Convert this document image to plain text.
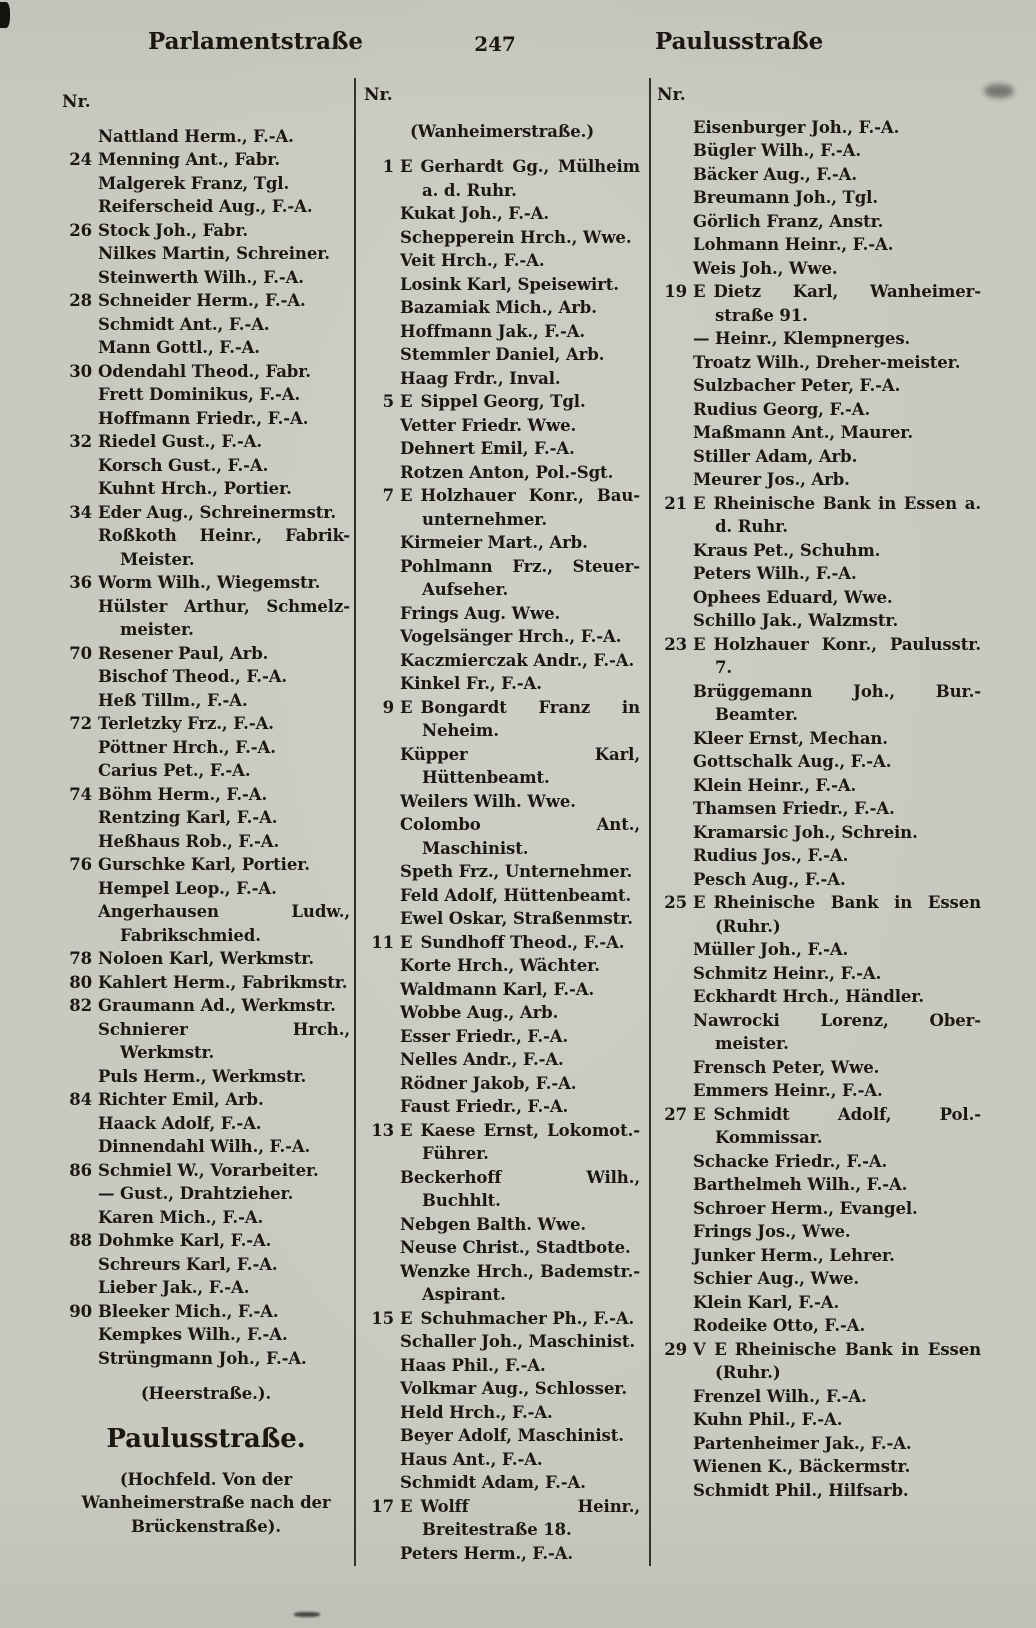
Parlamentstraße	247	Paulusstraße
Nr.
Nattland Herm., F.-A.
24 Menning Ant., Fabr.
Malgerek Franz, Tgl.
Reiferscheid Aug., F.-A.
26 Stock Joh., Fabr.
Nilkes Martin, Schreiner.
Steinwerth Wilh., F.-A.
28 Schneider Herm., F.-A.
Schmidt Ant., F.-A.
Mann Gottl., F.-A.
30 Odendahl Theod., Fabr.
Frett Dominikus, F.-A.
Hoffmann Friedr., F.-A.
32 Riedel Gust., F.-A.
Korsch Gust., F.-A.
Kuhnt Hrch., Portier.
34 Eder Aug., Schreinermstr.
Roßkoth Heinr., Fabrik-Meister.
36 Worm Wilh., Wiegemstr.
Hülster Arthur, Schmelz-meister.
70 Resener Paul, Arb.
Bischof Theod., F.-A.
Heß Tillm., F.-A.
72 Terletzky Frz., F.-A.
Pöttner Hrch., F.-A.
Carius Pet., F.-A.
74 Böhm Herm., F.-A.
Rentzing Karl, F.-A.
Heßhaus Rob., F.-A.
76 Gurschke Karl, Portier.
Hempel Leop., F.-A.
Angerhausen Ludw., Fabrikschmied.
78 Noloen Karl, Werkmstr.
80 Kahlert Herm., Fabrikmstr.
82 Graumann Ad., Werkmstr.
Schnierer Hrch., Werkmstr.
Puls Herm., Werkmstr.
84 Richter Emil, Arb.
Haack Adolf, F.-A.
Dinnendahl Wilh., F.-A.
86 Schmiel W., Vorarbeiter.
— Gust., Drahtzieher.
Karen Mich., F.-A.
88 Dohmke Karl, F.-A.
Schreurs Karl, F.-A.
Lieber Jak., F.-A.
90 Bleeker Mich., F.-A.
Kempkes Wilh., F.-A.
Strüngmann Joh., F.-A.
(Heerstraße.).
Paulusstraße.
(Hochfeld. Von der Wanheimerstraße nach der Brückenstraße).
Nr.
(Wanheimerstraße.)
1 E Gerhardt Gg., Mülheim a. d. Ruhr.
Kukat Joh., F.-A.
Schepperein Hrch., Wwe.
Veit Hrch., F.-A.
Losink Karl, Speisewirt.
Bazamiak Mich., Arb.
Hoffmann Jak., F.-A.
Stemmler Daniel, Arb.
Haag Frdr., Inval.
5 E Sippel Georg, Tgl.
Vetter Friedr. Wwe.
Dehnert Emil, F.-A.
Rotzen Anton, Pol.-Sgt.
7 E Holzhauer Konr., Bau-unternehmer.
Kirmeier Mart., Arb.
Pohlmann Frz., Steuer-Aufseher.
Frings Aug. Wwe.
Vogelsänger Hrch., F.-A.
Kaczmierczak Andr., F.-A.
Kinkel Fr., F.-A.
9 E Bongardt Franz in Neheim.
Küpper Karl, Hüttenbeamt.
Weilers Wilh. Wwe.
Colombo Ant., Maschinist.
Speth Frz., Unternehmer.
Feld Adolf, Hüttenbeamt.
Ewel Oskar, Straßenmstr.
11 E Sundhoff Theod., F.-A.
Korte Hrch., Wächter.
Waldmann Karl, F.-A.
Wobbe Aug., Arb.
Esser Friedr., F.-A.
Nelles Andr., F.-A.
Rödner Jakob, F.-A.
Faust Friedr., F.-A.
13 E Kaese Ernst, Lokomot.-Führer.
Beckerhoff Wilh., Buchhlt.
Nebgen Balth. Wwe.
Neuse Christ., Stadtbote.
Wenzke Hrch., Bademstr.-Aspirant.
15 E Schuhmacher Ph., F.-A.
Schaller Joh., Maschinist.
Haas Phil., F.-A.
Volkmar Aug., Schlosser.
Held Hrch., F.-A.
Beyer Adolf, Maschinist.
Haus Ant., F.-A.
Schmidt Adam, F.-A.
17 E Wolff Heinr., Breitestraße 18.
Peters Herm., F.-A.
Nr.
Eisenburger Joh., F.-A.
Bügler Wilh., F.-A.
Bäcker Aug., F.-A.
Breumann Joh., Tgl.
Görlich Franz, Anstr.
Lohmann Heinr., F.-A.
Weis Joh., Wwe.
19 E Dietz Karl, Wanheimer-straße 91.
— Heinr., Klempnerges.
Troatz Wilh., Dreher-meister.
Sulzbacher Peter, F.-A.
Rudius Georg, F.-A.
Maßmann Ant., Maurer.
Stiller Adam, Arb.
Meurer Jos., Arb.
21 E Rheinische Bank in Essen a. d. Ruhr.
Kraus Pet., Schuhm.
Peters Wilh., F.-A.
Ophees Eduard, Wwe.
Schillo Jak., Walzmstr.
23 E Holzhauer Konr., Paulusstr. 7.
Brüggemann Joh., Bur.-Beamter.
Kleer Ernst, Mechan.
Gottschalk Aug., F.-A.
Klein Heinr., F.-A.
Thamsen Friedr., F.-A.
Kramarsic Joh., Schrein.
Rudius Jos., F.-A.
Pesch Aug., F.-A.
25 E Rheinische Bank in Essen (Ruhr.)
Müller Joh., F.-A.
Schmitz Heinr., F.-A.
Eckhardt Hrch., Händler.
Nawrocki Lorenz, Ober-meister.
Frensch Peter, Wwe.
Emmers Heinr., F.-A.
27 E Schmidt Adolf, Pol.-Kommissar.
Schacke Friedr., F.-A.
Barthelmeh Wilh., F.-A.
Schroer Herm., Evangel.
Frings Jos., Wwe.
Junker Herm., Lehrer.
Schier Aug., Wwe.
Klein Karl, F.-A.
Rodeike Otto, F.-A.
29 V E Rheinische Bank in Essen (Ruhr.)
Frenzel Wilh., F.-A.
Kuhn Phil., F.-A.
Partenheimer Jak., F.-A.
Wienen K., Bäckermstr.
Schmidt Phil., Hilfsarb.
